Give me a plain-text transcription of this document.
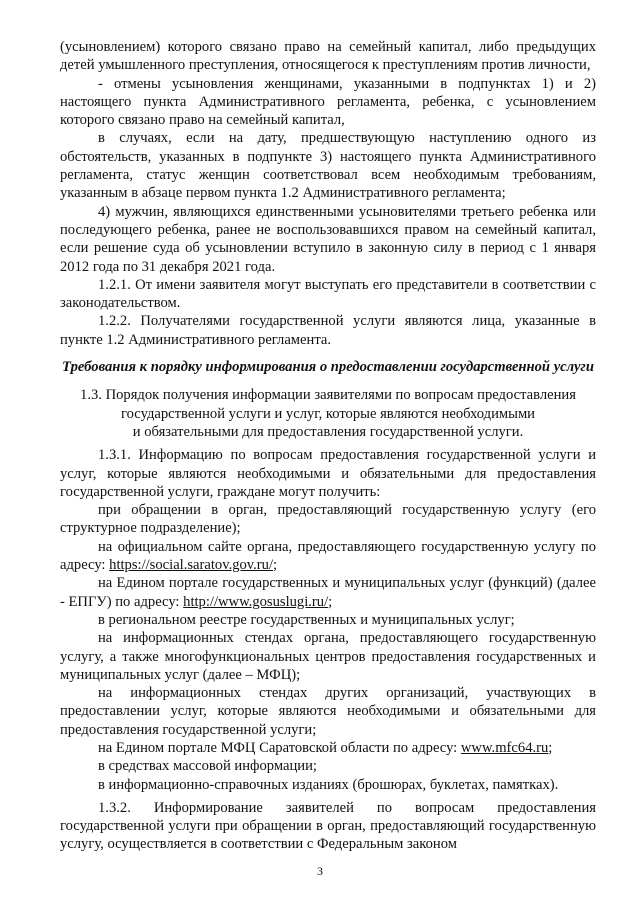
(усыновлением) которого связано право на семейный капитал, либо предыдущих детей умышленного преступления, относящегося к преступлениям против личности,

- отмены усыновления женщинами, указанными в подпунктах 1) и 2) настоящего пункта Административного регламента, ребенка, с усыновлением которого связано право на семейный капитал,

в случаях, если на дату, предшествующую наступлению одного из обстоятельств, указанных в подпункте 3) настоящего пункта Административного регламента, статус женщин соответствовал всем необходимым требованиям, указанным в абзаце первом пункта 1.2 Административного регламента;

4) мужчин, являющихся единственными усыновителями третьего ребенка или последующего ребенка, ранее не воспользовавшихся правом на семейный капитал, если решение суда об усыновлении вступило в законную силу в период с 1 января 2012 года по 31 декабря 2021 года.

1.2.1. От имени заявителя могут выступать его представители в соответствии с законодательством.

1.2.2. Получателями государственной услуги являются лица, указанные в пункте 1.2 Административного регламента.

Требования к порядку информирования о предоставлении государственной услуги

1.3. Порядок получения информации заявителями по вопросам предоставления
государственной услуги и услуг, которые являются необходимыми
и обязательными для предоставления государственной услуги.

1.3.1. Информацию по вопросам предоставления государственной услуги и услуг, которые являются необходимыми и обязательными для предоставления государственной услуги, граждане могут получить:

при обращении в орган, предоставляющий государственную услугу (его структурное подразделение);

на официальном сайте органа, предоставляющего государственную услугу по адресу: https://social.saratov.gov.ru/;

на Едином портале государственных и муниципальных услуг (функций) (далее - ЕПГУ) по адресу: http://www.gosuslugi.ru/;

в региональном реестре государственных и муниципальных услуг;

на информационных стендах органа, предоставляющего государственную услугу, а также многофункциональных центров предоставления государственных и муниципальных услуг (далее – МФЦ);

на информационных стендах других организаций, участвующих в предоставлении услуг, которые являются необходимыми и обязательными для предоставления государственной услуги;

на Едином портале МФЦ Саратовской области по адресу: www.mfc64.ru;

в средствах массовой информации;

в информационно-справочных изданиях (брошюрах, буклетах, памятках).

1.3.2. Информирование заявителей по вопросам предоставления государственной услуги при обращении в орган, предоставляющий государственную услугу, осуществляется в соответствии с Федеральным законом

3
